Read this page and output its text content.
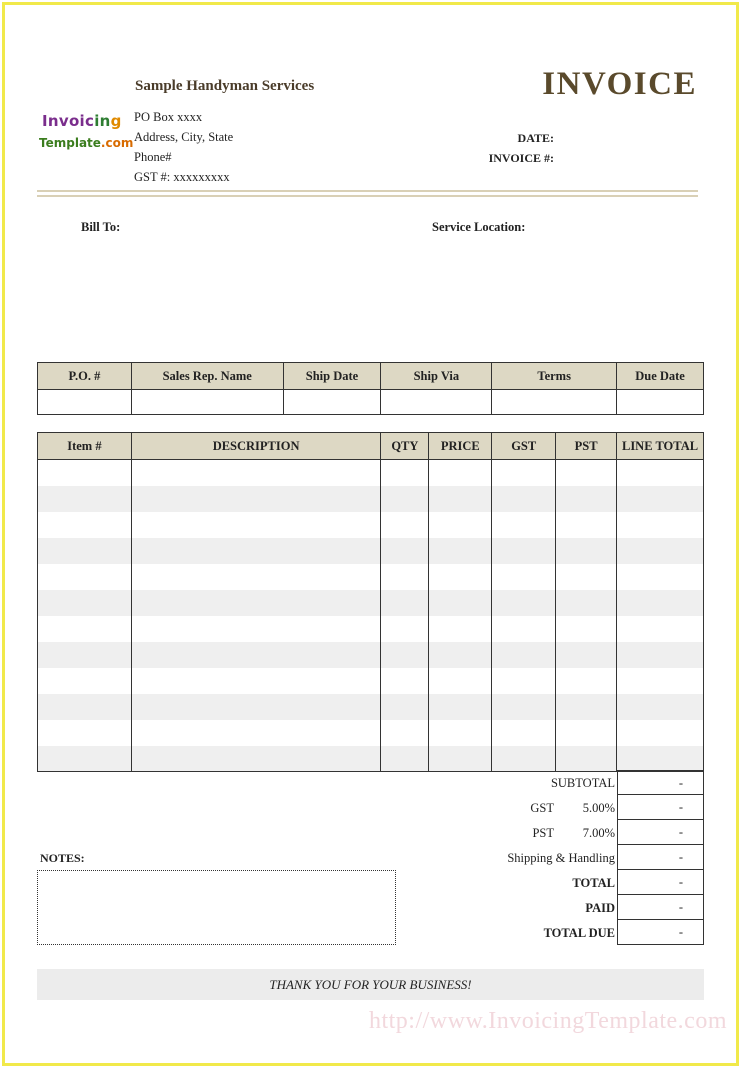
Invoicing
Template.com
Sample Handyman Services
PO Box xxxx
Address, City, State
Phone#
GST #: xxxxxxxxx
INVOICE
DATE:
INVOICE #:
Bill To:	Service Location:
P.O. #	Sales Rep. Name	Ship Date	Ship Via	Terms	Due Date

Item #	DESCRIPTION	QTY	PRICE	GST	PST	LINE TOTAL

SUBTOTAL	-
GST	5.00%	-
PST	7.00%	-
Shipping & Handling	-
TOTAL	-
PAID	-
TOTAL DUE	-
NOTES:
THANK YOU FOR YOUR BUSINESS!
http://www.InvoicingTemplate.com
